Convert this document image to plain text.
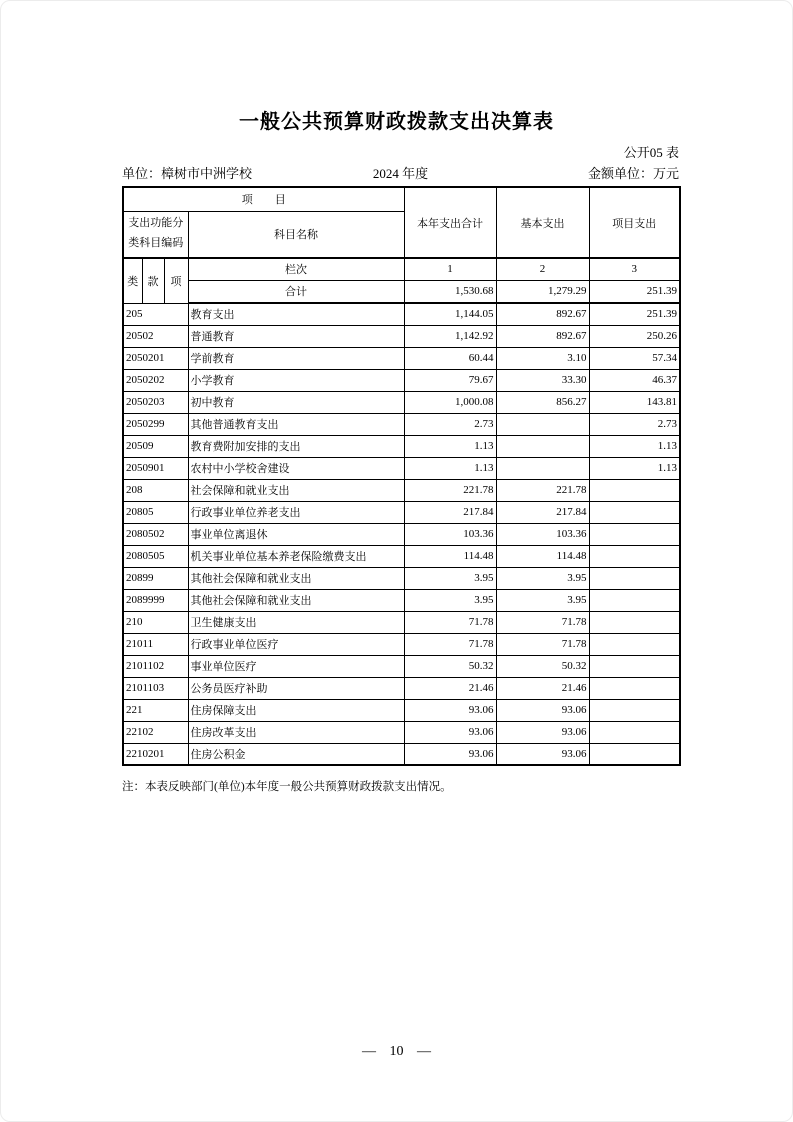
一般公共预算财政拨款支出决算表
公开05 表
单位：樟树市中洲学校	2024 年度	金额单位：万元
项　　目				本年支出合计	基本支出	项目支出
支出功能分
类科目编码			科目名称			
类	款	项	栏次	1	2	3
			合计	1,530.68	1,279.29	251.39
205			教育支出	1,144.05	892.67	251.39
20502			普通教育	1,142.92	892.67	250.26
2050201			学前教育	60.44	3.10	57.34
2050202			小学教育	79.67	33.30	46.37
2050203			初中教育	1,000.08	856.27	143.81
2050299			其他普通教育支出	2.73		2.73
20509			教育费附加安排的支出	1.13		1.13
2050901			农村中小学校舍建设	1.13		1.13
208			社会保障和就业支出	221.78	221.78	
20805			行政事业单位养老支出	217.84	217.84	
2080502			事业单位离退休	103.36	103.36	
2080505			机关事业单位基本养老保险缴费支出	114.48	114.48	
20899			其他社会保障和就业支出	3.95	3.95	
2089999			其他社会保障和就业支出	3.95	3.95	
210			卫生健康支出	71.78	71.78	
21011			行政事业单位医疗	71.78	71.78	
2101102			事业单位医疗	50.32	50.32	
2101103			公务员医疗补助	21.46	21.46	
221			住房保障支出	93.06	93.06	
22102			住房改革支出	93.06	93.06	
2210201			住房公积金	93.06	93.06	
注：本表反映部门(单位)本年度一般公共预算财政拨款支出情况。
— 10 —
